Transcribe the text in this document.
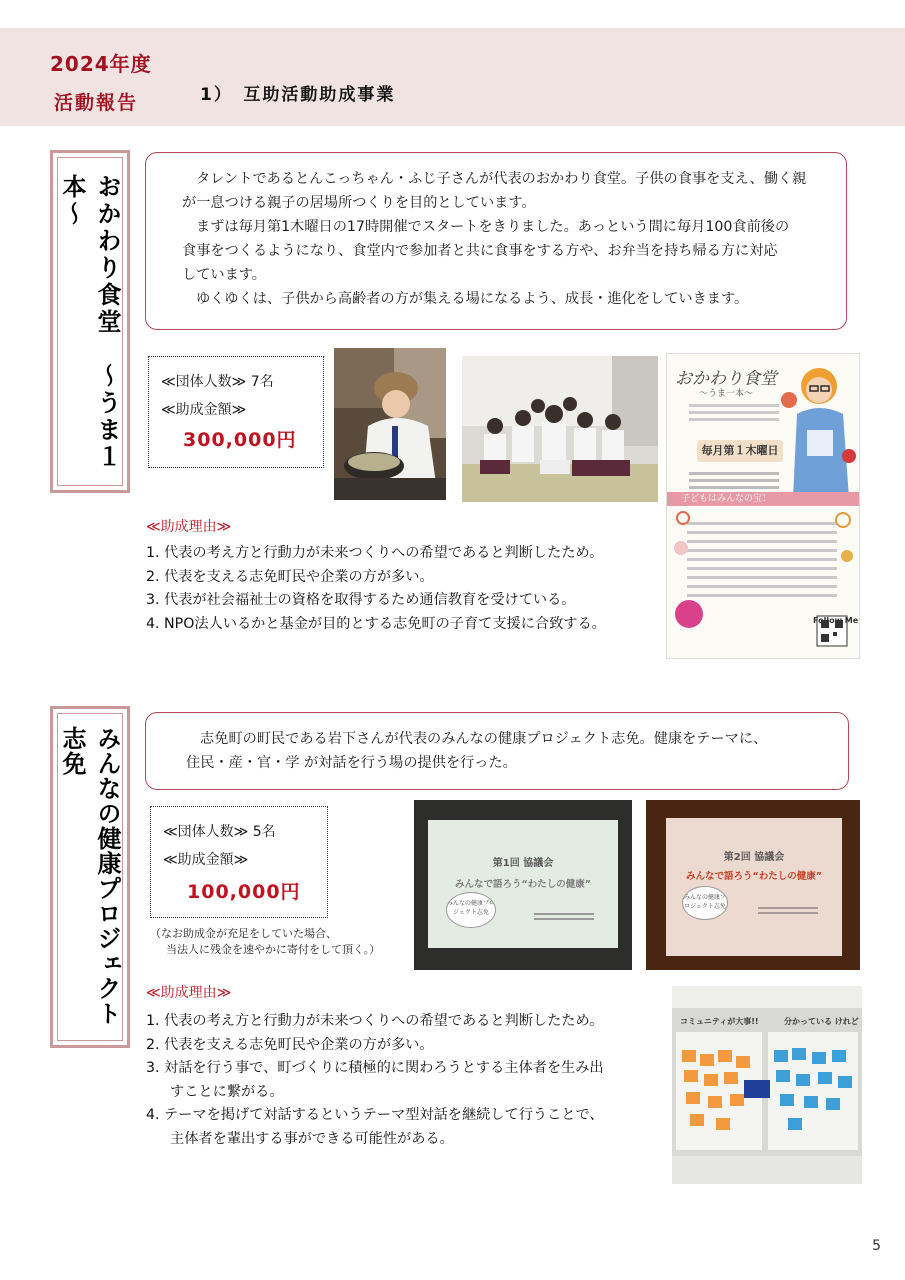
2024年度
活動報告	1）　互助活動助成事業
おかわり食堂　～うま１本～	タレントであるとんこっちゃん・ふじ子さんが代表のおかわり食堂。子供の食事を支え、働く親

が一息つける親子の居場所つくりを目的としています。

まずは毎月第1木曜日の17時開催でスタートをきりました。あっという間に毎月100食前後の

食事をつくるようになり、食堂内で参加者と共に食事をする方や、お弁当を持ち帰る方に対応

しています。

ゆくゆくは、子供から高齢者の方が集える場になるよう、成長・進化をしていきます。

≪団体人数≫ 7名
≪助成金額≫
300,000円
おかわり食堂
〜うま一本〜
毎月第１木曜日
子どもはみんなの宝！
Follow Me
≪助成理由≫
1. 代表の考え方と行動力が未来つくりへの希望であると判断したため。
2. 代表を支える志免町民や企業の方が多い。
3. 代表が社会福祉士の資格を取得するため通信教育を受けている。
4. NPO法人いるかと基金が目的とする志免町の子育て支援に合致する。
みんなの健康プロジェクト志免	志免町の町民である岩下さんが代表のみんなの健康プロジェクト志免。健康をテーマに、

住民・産・官・学 が対話を行う場の提供を行った。

≪団体人数≫ 5名
≪助成金額≫
100,000円
（なお助成金が充足をしていた場合、
当法人に残金を速やかに寄付をして頂く。）
第1回 協議会
みんなで語ろう“わたしの健康”
みんなの健康プロジェクト志免
第2回 協議会
みんなで語ろう“わたしの健康”
みんなの健康プロジェクト志免
≪助成理由≫
1. 代表の考え方と行動力が未来つくりへの希望であると判断したため。
2. 代表を支える志免町民や企業の方が多い。
3. 対話を行う事で、町づくりに積極的に関わろうとする主体者を生み出
すことに繋がる。
4. テーマを掲げて対話するというテーマ型対話を継続して行うことで、
主体者を輩出する事ができる可能性がある。
コミュニティが大事!!	分かっている けれど
5
